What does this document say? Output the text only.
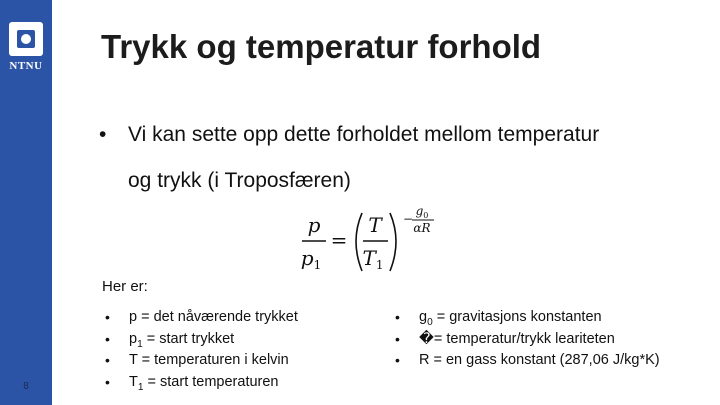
NTNU
8
Trykk og temperatur forhold
•	Vi kan sette opp dette forholdet mellom temperatur
og trykk (i Troposfæren)
p
$p_1$
=
T
$T_1$
−
$g_0$
αR
Her er:
• p = det nåværende trykket
• $p_1$ = start trykket
• T = temperaturen i kelvin
• $T_1$ = start temperaturen
• $g_0$ = gravitasjons konstanten
• �= temperatur/trykk leariteten
• R = en gass konstant (287,06 J/kg*K)
